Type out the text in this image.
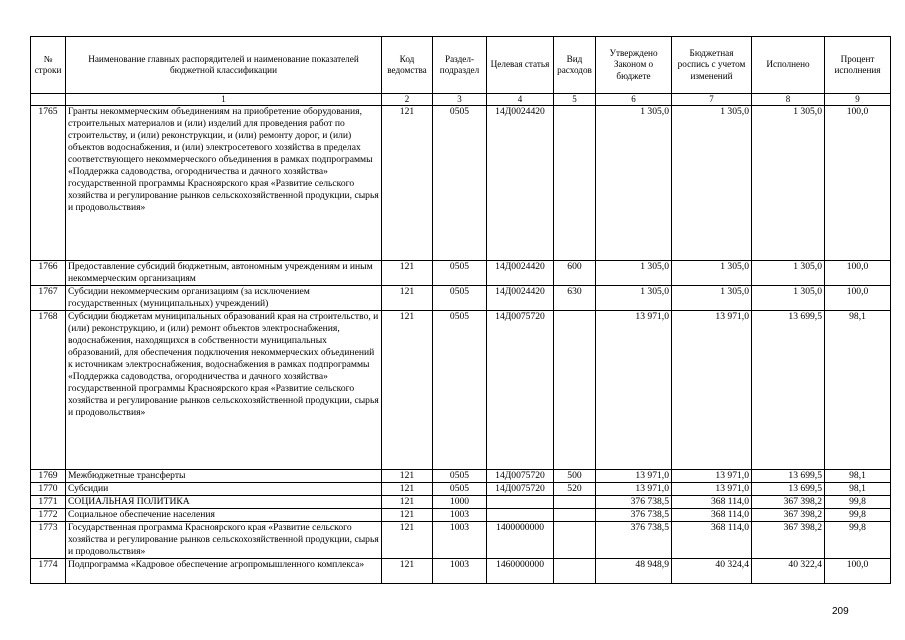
№ строки	Наименование главных распорядителей и наименование показателей бюджетной классификации	Код ведомства	Раздел-подраздел	Целевая статья	Вид расходов	Утверждено Законом о бюджете	Бюджетная роспись с учетом изменений	Исполнено	Процент исполнения
	1	2	3	4	5	6	7	8	9
1765	Гранты некоммерческим объединениям на приобретение оборудования, строительных материалов и (или) изделий для проведения работ по строительству, и (или) реконструкции, и (или) ремонту дорог, и (или) объектов водоснабжения, и (или) электросетевого хозяйства в пределах соответствующего некоммерческого объединения в рамках подпрограммы «Поддержка садоводства, огородничества и дачного хозяйства» государственной программы Красноярского края «Развитие сельского хозяйства и регулирование рынков сельскохозяйственной продукции, сырья и продовольствия»	121	0505	14Д0024420		1 305,0	1 305,0	1 305,0	100,0
1766	Предоставление субсидий бюджетным, автономным учреждениям и иным некоммерческим организациям	121	0505	14Д0024420	600	1 305,0	1 305,0	1 305,0	100,0
1767	Субсидии некоммерческим организациям (за исключением государственных (муниципальных) учреждений)	121	0505	14Д0024420	630	1 305,0	1 305,0	1 305,0	100,0
1768	Субсидии бюджетам муниципальных образований края на строительство, и (или) реконструкцию, и (или) ремонт объектов электроснабжения, водоснабжения, находящихся в собственности муниципальных образований, для обеспечения подключения некоммерческих объединений к источникам электроснабжения, водоснабжения в рамках подпрограммы «Поддержка садоводства, огородничества и дачного хозяйства» государственной программы Красноярского края «Развитие сельского хозяйства и регулирование рынков сельскохозяйственной продукции, сырья и продовольствия»	121	0505	14Д0075720		13 971,0	13 971,0	13 699,5	98,1
1769	Межбюджетные трансферты	121	0505	14Д0075720	500	13 971,0	13 971,0	13 699,5	98,1
1770	Субсидии	121	0505	14Д0075720	520	13 971,0	13 971,0	13 699,5	98,1
1771	СОЦИАЛЬНАЯ ПОЛИТИКА	121	1000			376 738,5	368 114,0	367 398,2	99,8
1772	Социальное обеспечение населения	121	1003			376 738,5	368 114,0	367 398,2	99,8
1773	Государственная программа Красноярского края «Развитие сельского хозяйства и регулирование рынков сельскохозяйственной продукции, сырья и продовольствия»	121	1003	1400000000		376 738,5	368 114,0	367 398,2	99,8
1774	Подпрограмма «Кадровое обеспечение агропромышленного комплекса»	121	1003	1460000000		48 948,9	40 324,4	40 322,4	100,0
209
